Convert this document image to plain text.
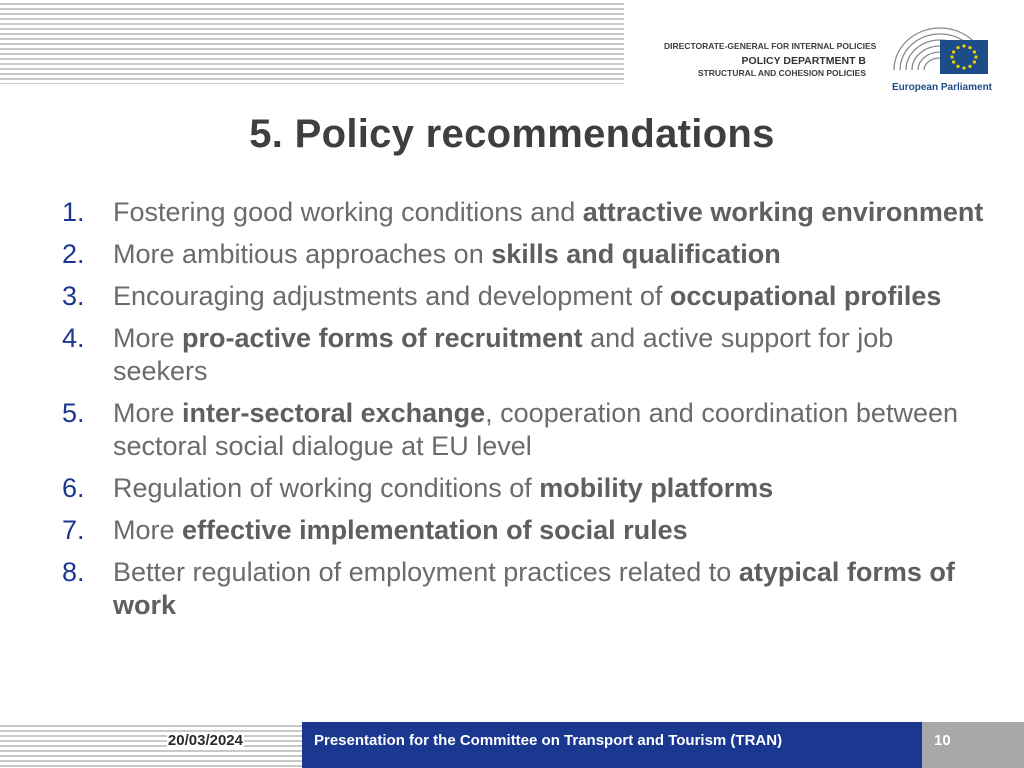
DIRECTORATE-GENERAL FOR INTERNAL POLICIES
POLICY DEPARTMENT B
STRUCTURAL AND COHESION POLICIES
European Parliament
5. Policy recommendations
1. Fostering good working conditions and attractive working environment
2. More ambitious approaches on skills and qualification
3. Encouraging adjustments and development of occupational profiles
4. More pro-active forms of recruitment and active support for job seekers
5. More inter-sectoral exchange, cooperation and coordination between sectoral social dialogue at EU level
6. Regulation of working conditions of mobility platforms
7. More effective implementation of social rules
8. Better regulation of employment practices related to atypical forms of work
20/03/2024	Presentation for the Committee on Transport and Tourism (TRAN)	10
